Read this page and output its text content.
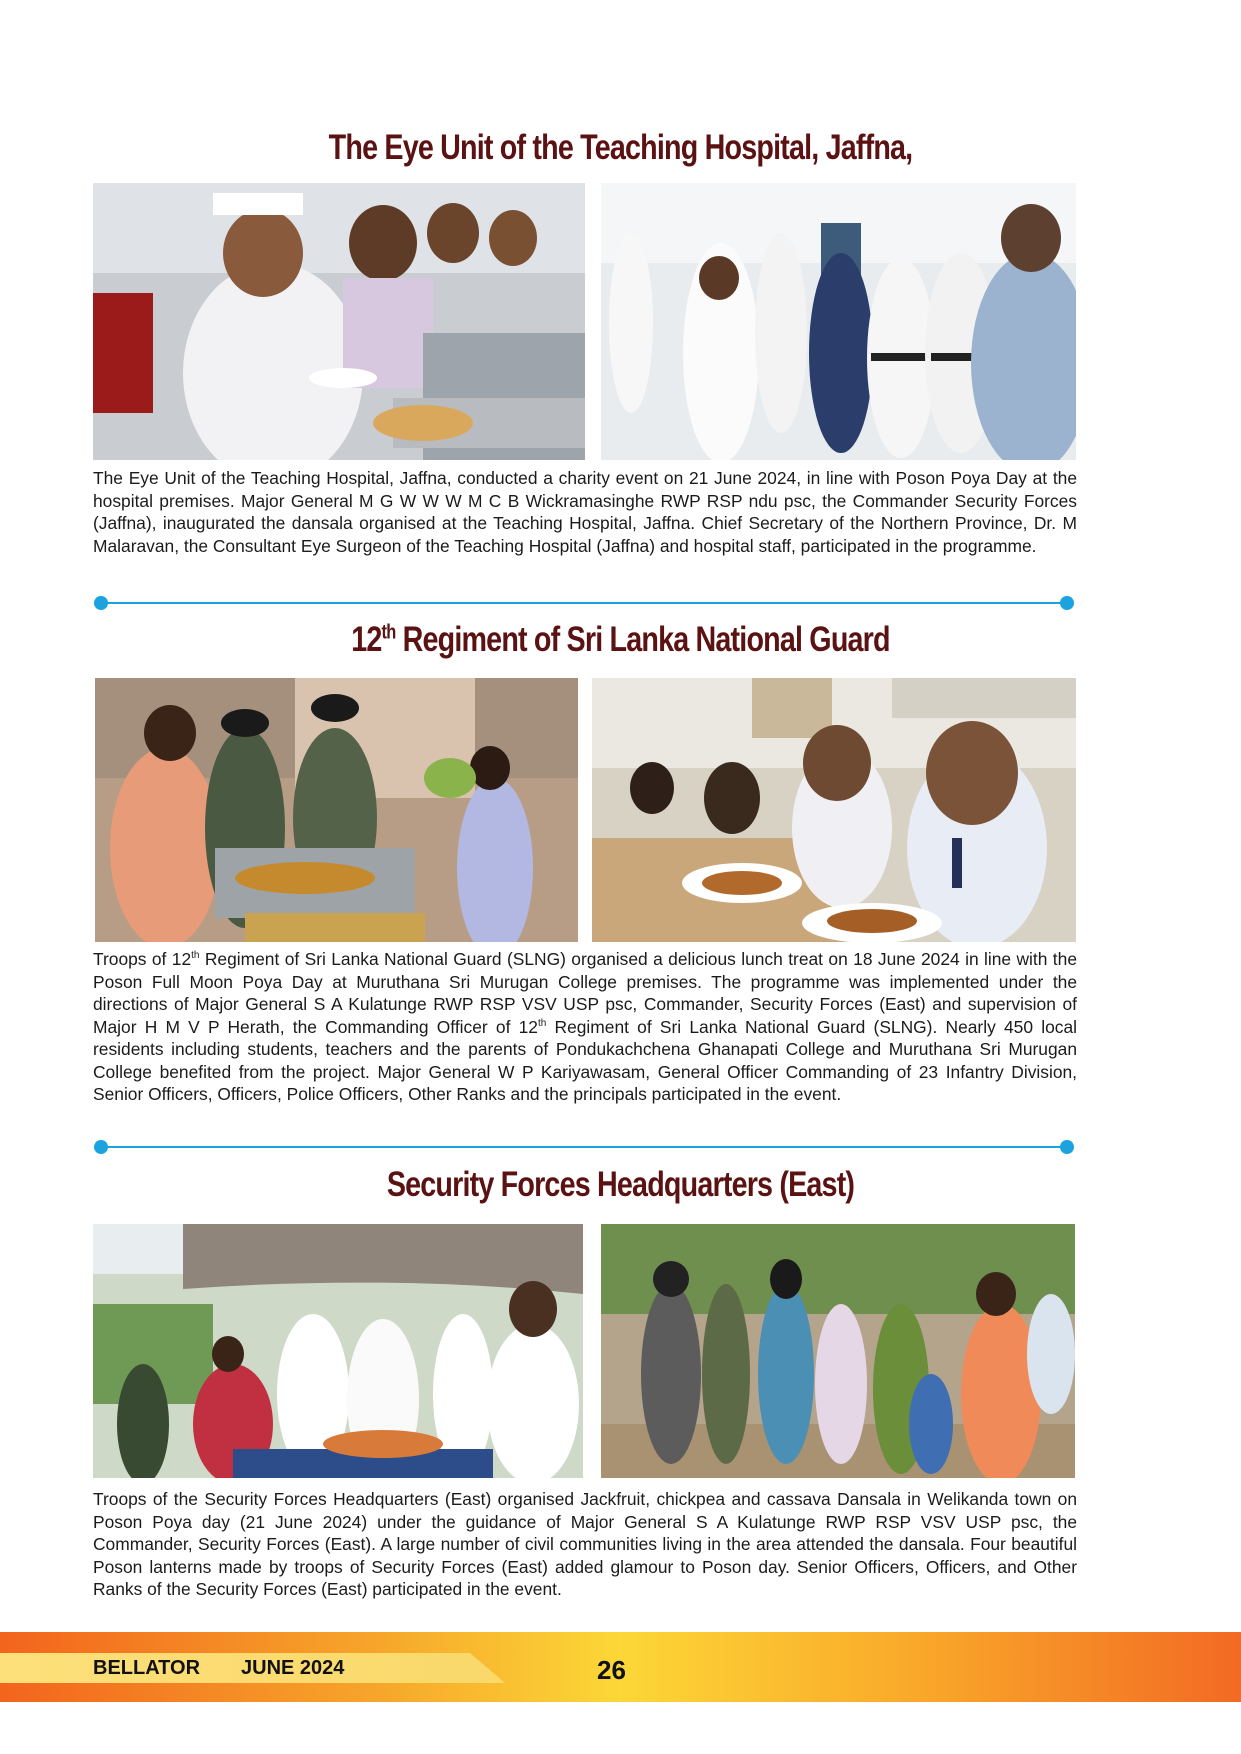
The Eye Unit of the Teaching Hospital, Jaffna,

The Eye Unit of the Teaching Hospital, Jaffna, conducted a charity event on 21 June 2024, in line with Poson Poya Day at the hospital premises. Major General M G W W W M C B Wickramasinghe RWP RSP ndu psc, the Commander Security Forces (Jaffna), inaugurated the dansala organised at the Teaching Hospital, Jaffna. Chief Secretary of the Northern Province, Dr. M Malaravan, the Consultant Eye Surgeon of the Teaching Hospital (Jaffna) and hospital staff, participated in the programme.

12th Regiment of Sri Lanka National Guard

Troops of 12th Regiment of Sri Lanka National Guard (SLNG) organised a delicious lunch treat on 18 June 2024 in line with the Poson Full Moon Poya Day at Muruthana Sri Murugan College premises. The programme was implemented under the directions of Major General S A Kulatunge RWP RSP VSV USP psc, Commander, Security Forces (East) and supervision of Major H M V P Herath, the Commanding Officer of 12th Regiment of Sri Lanka National Guard (SLNG). Nearly 450 local residents including students, teachers and the parents of Pondukachchena Ghanapati College and Muruthana Sri Murugan College benefited from the project. Major General W P Kariyawasam, General Officer Commanding of 23 Infantry Division, Senior Officers, Officers, Police Officers, Other Ranks and the principals participated in the event.

Security Forces Headquarters (East)

Troops of the Security Forces Headquarters (East) organised Jackfruit, chickpea and cassava Dansala in Welikanda town on Poson Poya day (21 June 2024) under the guidance of Major General S A Kulatunge RWP RSP VSV USP psc, the Commander, Security Forces (East). A large number of civil communities living in the area attended the dansala. Four beautiful Poson lanterns made by troops of Security Forces (East) added glamour to Poson day. Senior Officers, Officers, and Other Ranks of the Security Forces (East) participated in the event.

BELLATOR JUNE 2024	26
